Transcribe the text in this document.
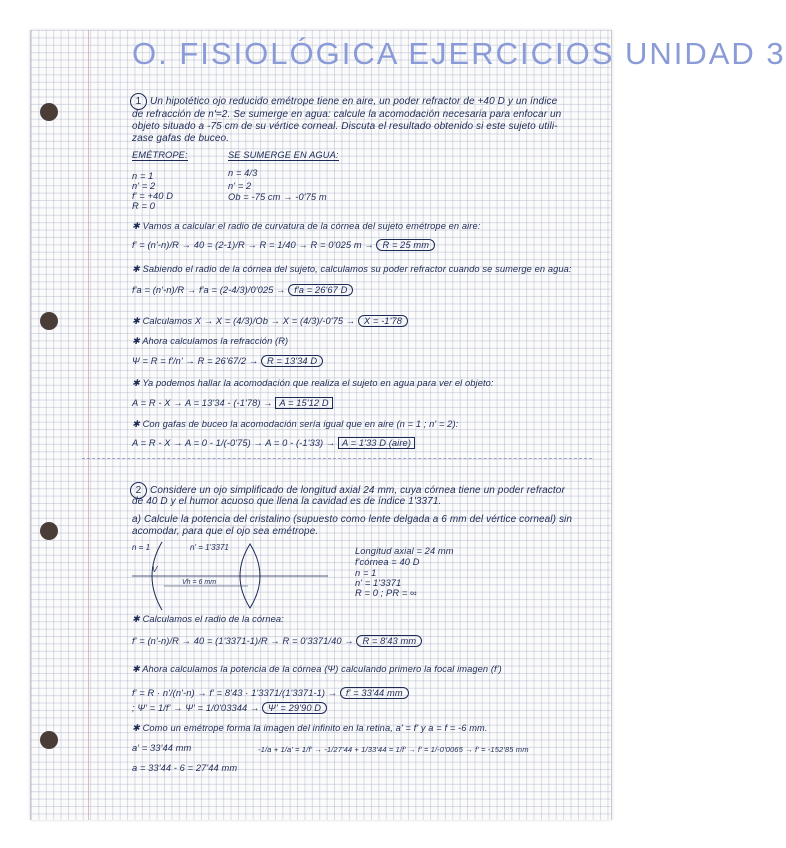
O. FISIOLÓGICA EJERCICIOS UNIDAD 3
1 Un hipotético ojo reducido emétrope tiene en aire, un poder refractor de +40 D y un índice
de refracción de n'=2. Se sumerge en agua: calcule la acomodación necesaria para enfocar un
objeto situado a -75 cm de su vértice corneal. Discuta el resultado obtenido si este sujeto utili-
zase gafas de buceo.
EMÉTROPE:	SE SUMERGE EN AGUA:
n = 1
n' = 2
f' = +40 D
R = 0
n = 4/3
n' = 2
Ob = -75 cm → -0'75 m
✱ Vamos a calcular el radio de curvatura de la córnea del sujeto emétrope en aire:
f' = (n'-n)/R → 40 = (2-1)/R → R = 1/40 → R = 0'025 m → R = 25 mm
✱ Sabiendo el radio de la córnea del sujeto, calculamos su poder refractor cuando se sumerge en agua:
f'a = (n'-n)/R → f'a = (2-4/3)/0'025 → f'a = 26'67 D
✱ Calculamos X → X = (4/3)/Ob → X = (4/3)/-0'75 → X = -1'78
✱ Ahora calculamos la refracción (R)
Ψ = R = f'/n' → R = 26'67/2 → R = 13'34 D
✱ Ya podemos hallar la acomodación que realiza el sujeto en agua para ver el objeto:
A = R - X → A = 13'34 - (-1'78) → A = 15'12 D
✱ Con gafas de buceo la acomodación sería igual que en aire (n = 1 ; n' = 2):
A = R - X → A = 0 - 1/(-0'75) → A = 0 - (-1'33) → A = 1'33 D (aire)
2 Considere un ojo simplificado de longitud axial 24 mm, cuya córnea tiene un poder refractor
de 40 D y el humor acuoso que llena la cavidad es de índice 1'3371.
a) Calcule la potencia del cristalino (supuesto como lente delgada a 6 mm del vértice corneal) sin
acomodar, para que el ojo sea emétrope.
n = 1	n' = 1'3371
V
Vh = 6 mm
Longitud axial = 24 mm
f'córnea = 40 D
n = 1
n' = 1'3371
R = 0 ; PR = ∞
✱ Calculamos el radio de la córnea:
f' = (n'-n)/R → 40 = (1'3371-1)/R → R = 0'3371/40 → R = 8'43 mm
✱ Ahora calculamos la potencia de la córnea (Ψ) calculando primero la focal imagen (f')
f' = R · n'/(n'-n) → f' = 8'43 · 1'3371/(1'3371-1) → f' = 33'44 mm
; Ψ' = 1/f' → Ψ' = 1/0'03344 → Ψ' = 29'90 D
✱ Como un emétrope forma la imagen del infinito en la retina, a' = f' y a = f = -6 mm.
a' = 33'44 mm
a = 33'44 - 6 = 27'44 mm
-1/a + 1/a' = 1/f' → -1/27'44 + 1/33'44 = 1/f' → f' = 1/-0'0065 → f' = -152'85 mm
